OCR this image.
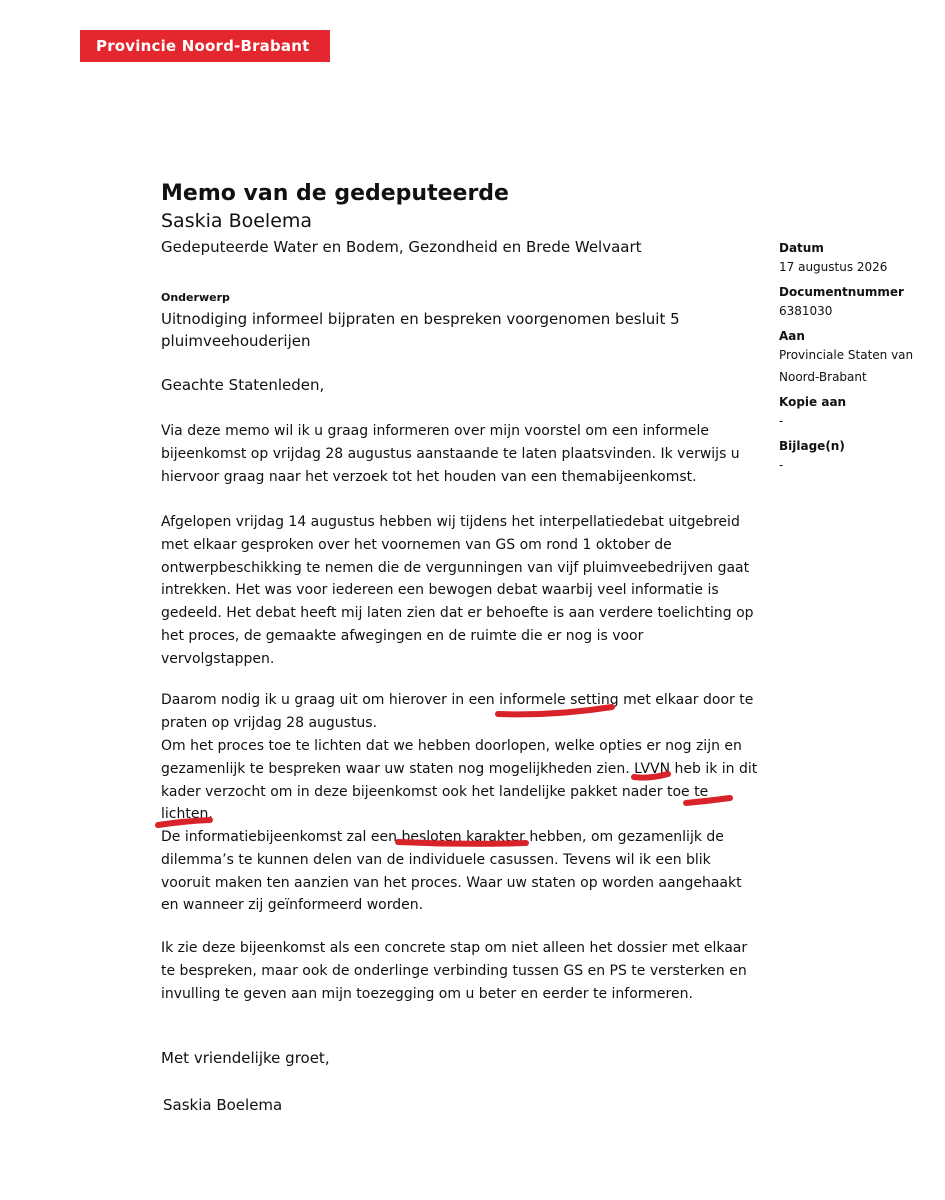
Provincie Noord-Brabant
Memo van de gedeputeerde
Saskia Boelema
Gedeputeerde Water en Bodem, Gezondheid en Brede Welvaart	Datum
17 augustus 2026
Documentnummer
6381030
Aan
Provinciale Staten van Noord-Brabant
Kopie aan
-
Bijlage(n)
-
Onderwerp
Uitnodiging informeel bijpraten en bespreken voorgenomen besluit 5 pluimveehouderijen
Geachte Statenleden,

Via deze memo wil ik u graag informeren over mijn voorstel om een informele bijeenkomst op vrijdag 28 augustus aanstaande te laten plaatsvinden. Ik verwijs u hiervoor graag naar het verzoek tot het houden van een themabijeenkomst.

Afgelopen vrijdag 14 augustus hebben wij tijdens het interpellatiedebat uitgebreid met elkaar gesproken over het voornemen van GS om rond 1 oktober de ontwerpbeschikking te nemen die de vergunningen van vijf pluimveebedrijven gaat intrekken. Het was voor iedereen een bewogen debat waarbij veel informatie is gedeeld. Het debat heeft mij laten zien dat er behoefte is aan verdere toelichting op het proces, de gemaakte afwegingen en de ruimte die er nog is voor vervolgstappen.

Daarom nodig ik u graag uit om hierover in een informele setting met elkaar door te praten op vrijdag 28 augustus.

Om het proces toe te lichten dat we hebben doorlopen, welke opties er nog zijn en gezamenlijk te bespreken waar uw staten nog mogelijkheden zien. LVVN heb ik in dit kader verzocht om in deze bijeenkomst ook het landelijke pakket nader toe te lichten.

De informatiebijeenkomst zal een besloten karakter hebben, om gezamenlijk de dilemma’s te kunnen delen van de individuele casussen. Tevens wil ik een blik vooruit maken ten aanzien van het proces. Waar uw staten op worden aangehaakt en wanneer zij geïnformeerd worden.

Ik zie deze bijeenkomst als een concrete stap om niet alleen het dossier met elkaar te bespreken, maar ook de onderlinge verbinding tussen GS en PS te versterken en invulling te geven aan mijn toezegging om u beter en eerder te informeren.

Met vriendelijke groet,
Saskia Boelema
